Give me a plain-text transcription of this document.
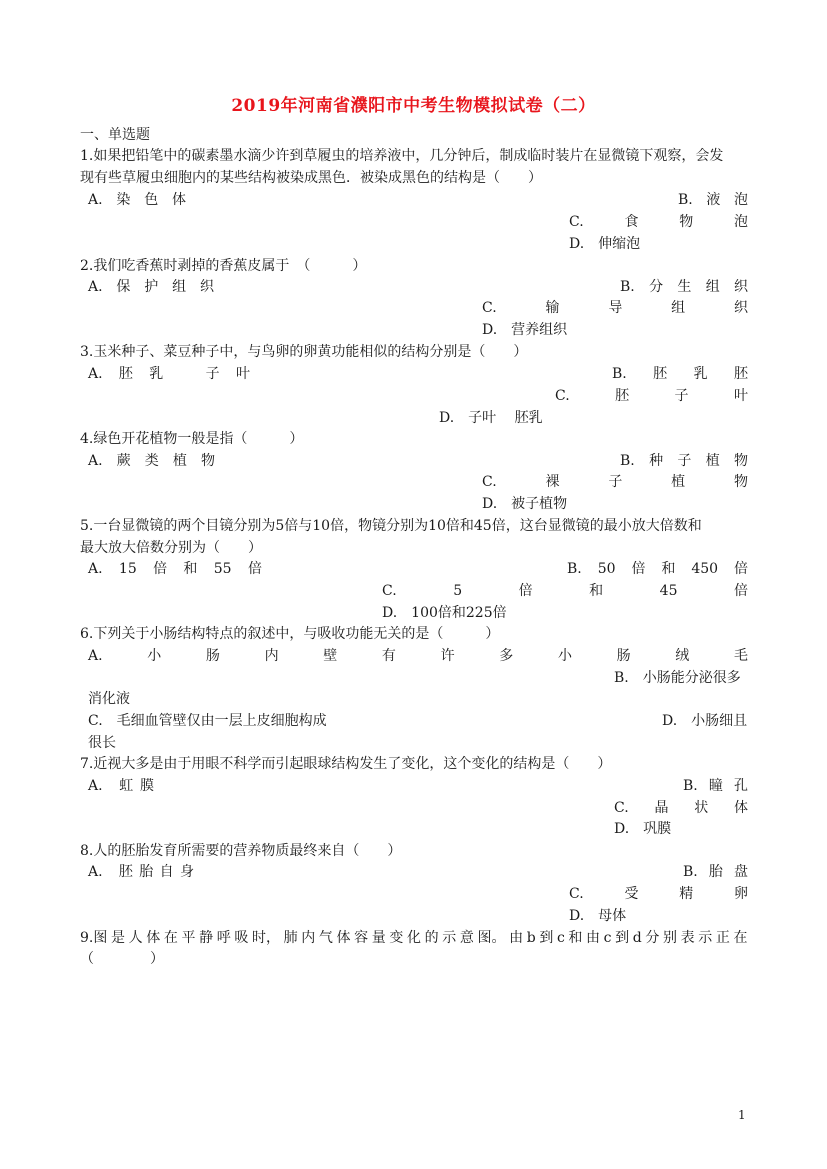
2019年河南省濮阳市中考生物模拟试卷（二）
一、单选题
1.如果把铅笔中的碳素墨水滴少许到草履虫的培养液中，几分钟后，制成临时装片在显微镜下观察，会发
现有些草履虫细胞内的某些结构被染成黑色．被染成黑色的结构是（　　）
A. 染 色 体	B. 液 泡
C.	食	物	泡
D.　伸缩泡
2.我们吃香蕉时剥掉的香蕉皮属于　（　　　）
A. 保 护 组 织	B. 分 生 组 织
C.	输	导	组	织
D.　营养组织
3.玉米种子、菜豆种子中，与鸟卵的卵黄功能相似的结构分别是（　　）
A. 胚 乳	子 叶	B. 胚 乳 胚
C.	胚	子	叶
D.　子叶　 胚乳
4.绿色开花植物一般是指（　　　）
A. 蕨 类 植 物	B. 种 子 植 物
C.	裸	子	植	物
D.　被子植物
5.一台显微镜的两个目镜分别为5倍与10倍，物镜分别为10倍和45倍，这台显微镜的最小放大倍数和
最大放大倍数分别为（　　）
A. 15 倍 和 55 倍	B. 50 倍 和 450 倍
C.	5	倍	和	45	倍
D.　100倍和225倍
6.下列关于小肠结构特点的叙述中，与吸收功能无关的是（　　　）
A.	小	肠	内	壁	有	许	多	小	肠	绒	毛
B.　小肠能分泌很多
消化液
C.　毛细血管壁仅由一层上皮细胞构成	D.　小肠细且
很长
7.近视大多是由于用眼不科学而引起眼球结构发生了变化，这个变化的结构是（　　）
A. 虹 膜	B. 瞳 孔
C. 晶 状 体
D.　巩膜
8.人的胚胎发育所需要的营养物质最终来自（　　）
A. 胚 胎 自 身	B. 胎 盘
C.	受	精	卵
D.　母体
9.图 是 人 体 在 平 静 呼 吸 时， 肺 内 气 体 容 量 变 化 的 示 意 图。 由 b 到 c 和 由 c 到 d 分 别 表 示 正 在
（　　　　）
1
